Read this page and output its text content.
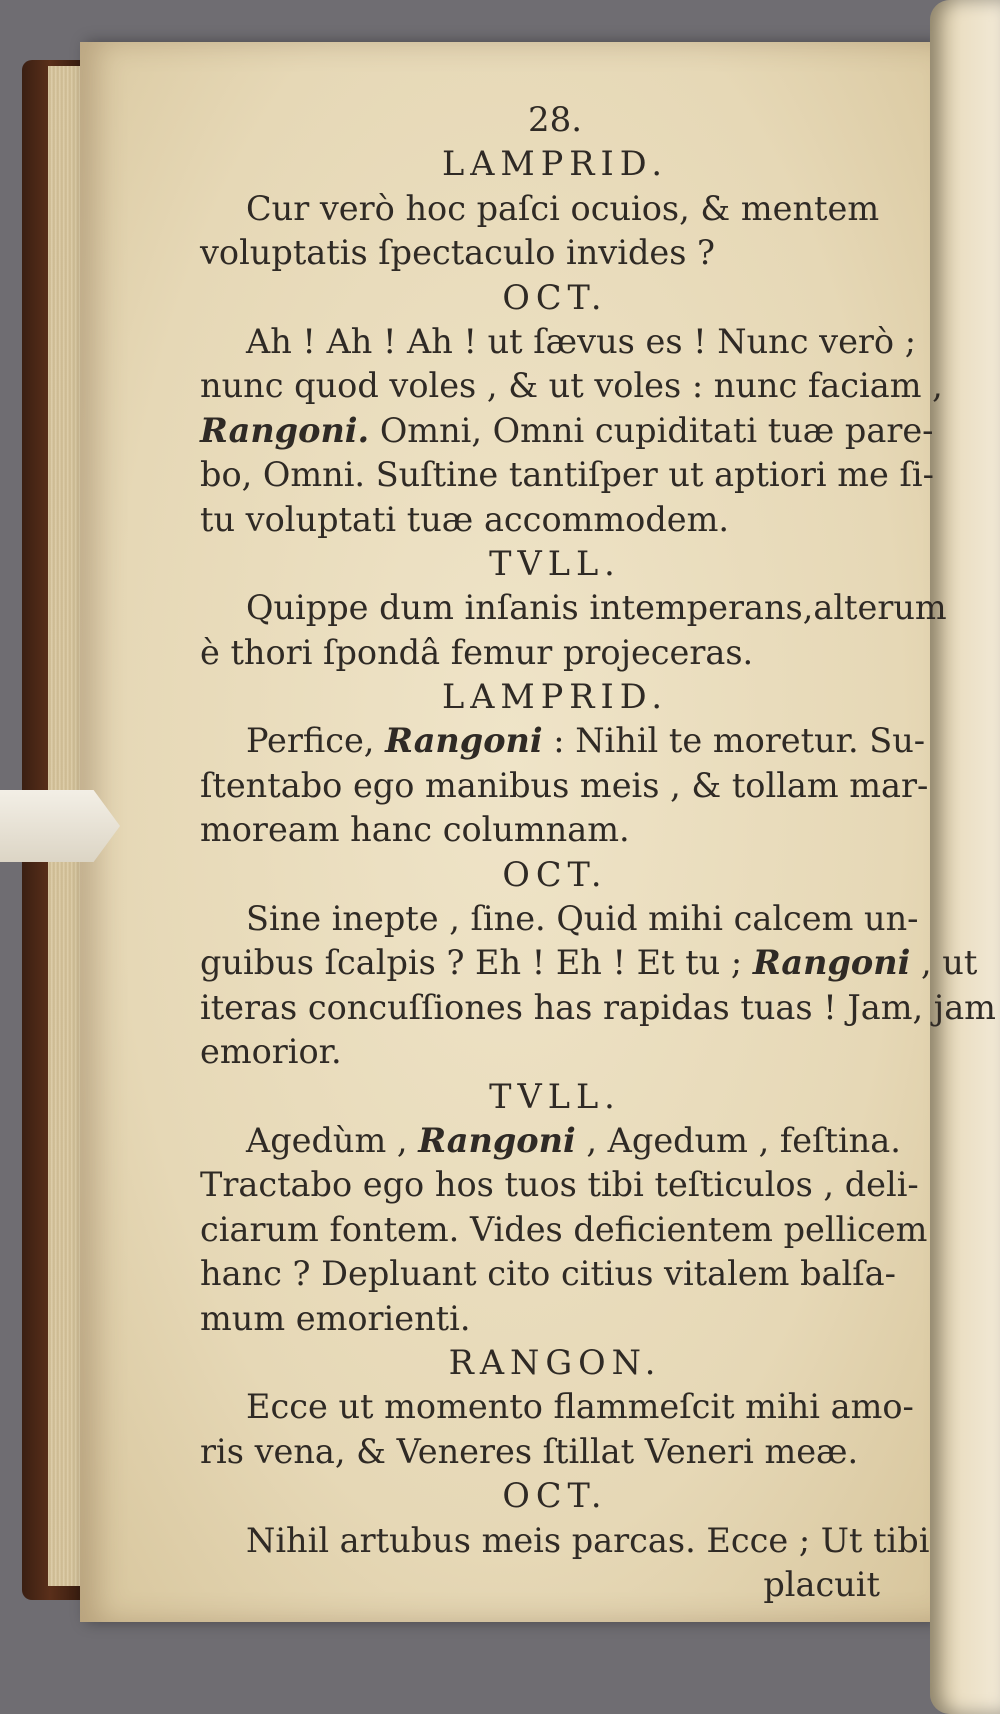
28.
LAMPRID.
Cur verò hoc paſci ocuios, & mentem
voluptatis ſpectaculo invides ?
OCT.
Ah ! Ah ! Ah ! ut ſævus es ! Nunc verò ;
nunc quod voles , & ut voles : nunc faciam ,
Rangoni. Omni, Omni cupiditati tuæ pare-
bo, Omni. Suſtine tantiſper ut aptiori me ſi-
tu voluptati tuæ accommodem.
TVLL.
Quippe dum inſanis intemperans,alterum
è thori ſpondâ femur projeceras.
LAMPRID.
Perfice, Rangoni : Nihil te moretur. Su-
ſtentabo ego manibus meis , & tollam mar-
moream hanc columnam.
OCT.
Sine inepte , ſine. Quid mihi calcem un-
guibus ſcalpis ? Eh ! Eh ! Et tu ; Rangoni , ut
iteras concuſſiones has rapidas tuas ! Jam, jam
emorior.
TVLL.
Agedùm , Rangoni , Agedum , feſtina.
Tractabo ego hos tuos tibi teſticulos , deli-
ciarum fontem. Vides deficientem pellicem
hanc ? Depluant cito citius vitalem balſa-
mum emorienti.
RANGON.
Ecce ut momento flammeſcit mihi amo-
ris vena, & Veneres ſtillat Veneri meæ.
OCT.
Nihil artubus meis parcas. Ecce ; Ut tibi
placuit
